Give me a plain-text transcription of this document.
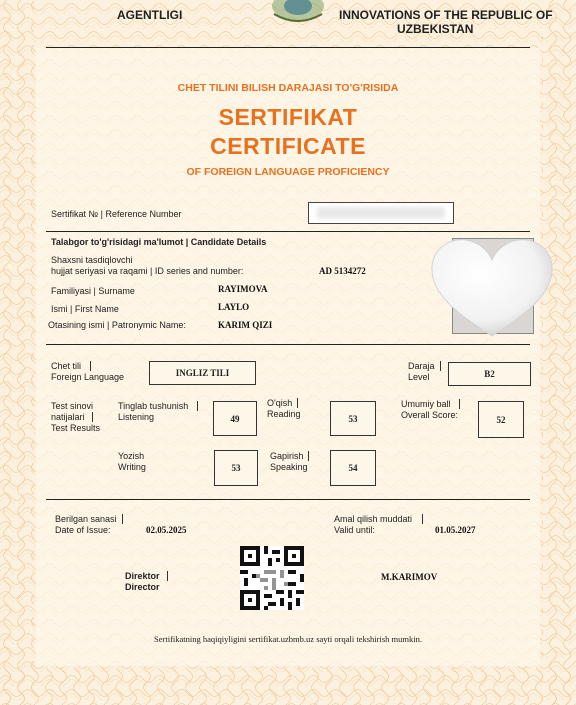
AGENTLIGI	INNOVATIONS OF THE REPUBLIC OF
UZBEKISTAN
CHET TILINI BILISH DARAJASI TO'G'RISIDA
SERTIFIKAT
CERTIFICATE
OF FOREIGN LANGUAGE PROFICIENCY
Sertifikat № | Reference Number
Talabgor to'g'risidagi ma'lumot | Candidate Details
Shaxsni tasdiqlovchi
hujjat seriyasi va raqami | ID series and number:	AD 5134272
Familiyasi | Surname	RAYIMOVA
Ismi | First Name	LAYLO
Otasining ismi | Patronymic Name:	KARIM QIZI
Chet tili
Foreign Language	INGLIZ TILI
Daraja
Level	B2
Test sinovi
natijalari
Test Results
Tinglab tushunish
Listening	49
O'qish
Reading	53
Umumiy ball
Overall Score:	52
Yozish
Writing	53
Gapirish
Speaking	54
Berilgan sanasi
Date of Issue:	02.05.2025
Amal qilish muddati
Valid until:	01.05.2027
Direktor
Director
M.KARIMOV
Sertifikatning haqiqiyligini sertifikat.uzbmb.uz sayti orqali tekshirish mumkin.
